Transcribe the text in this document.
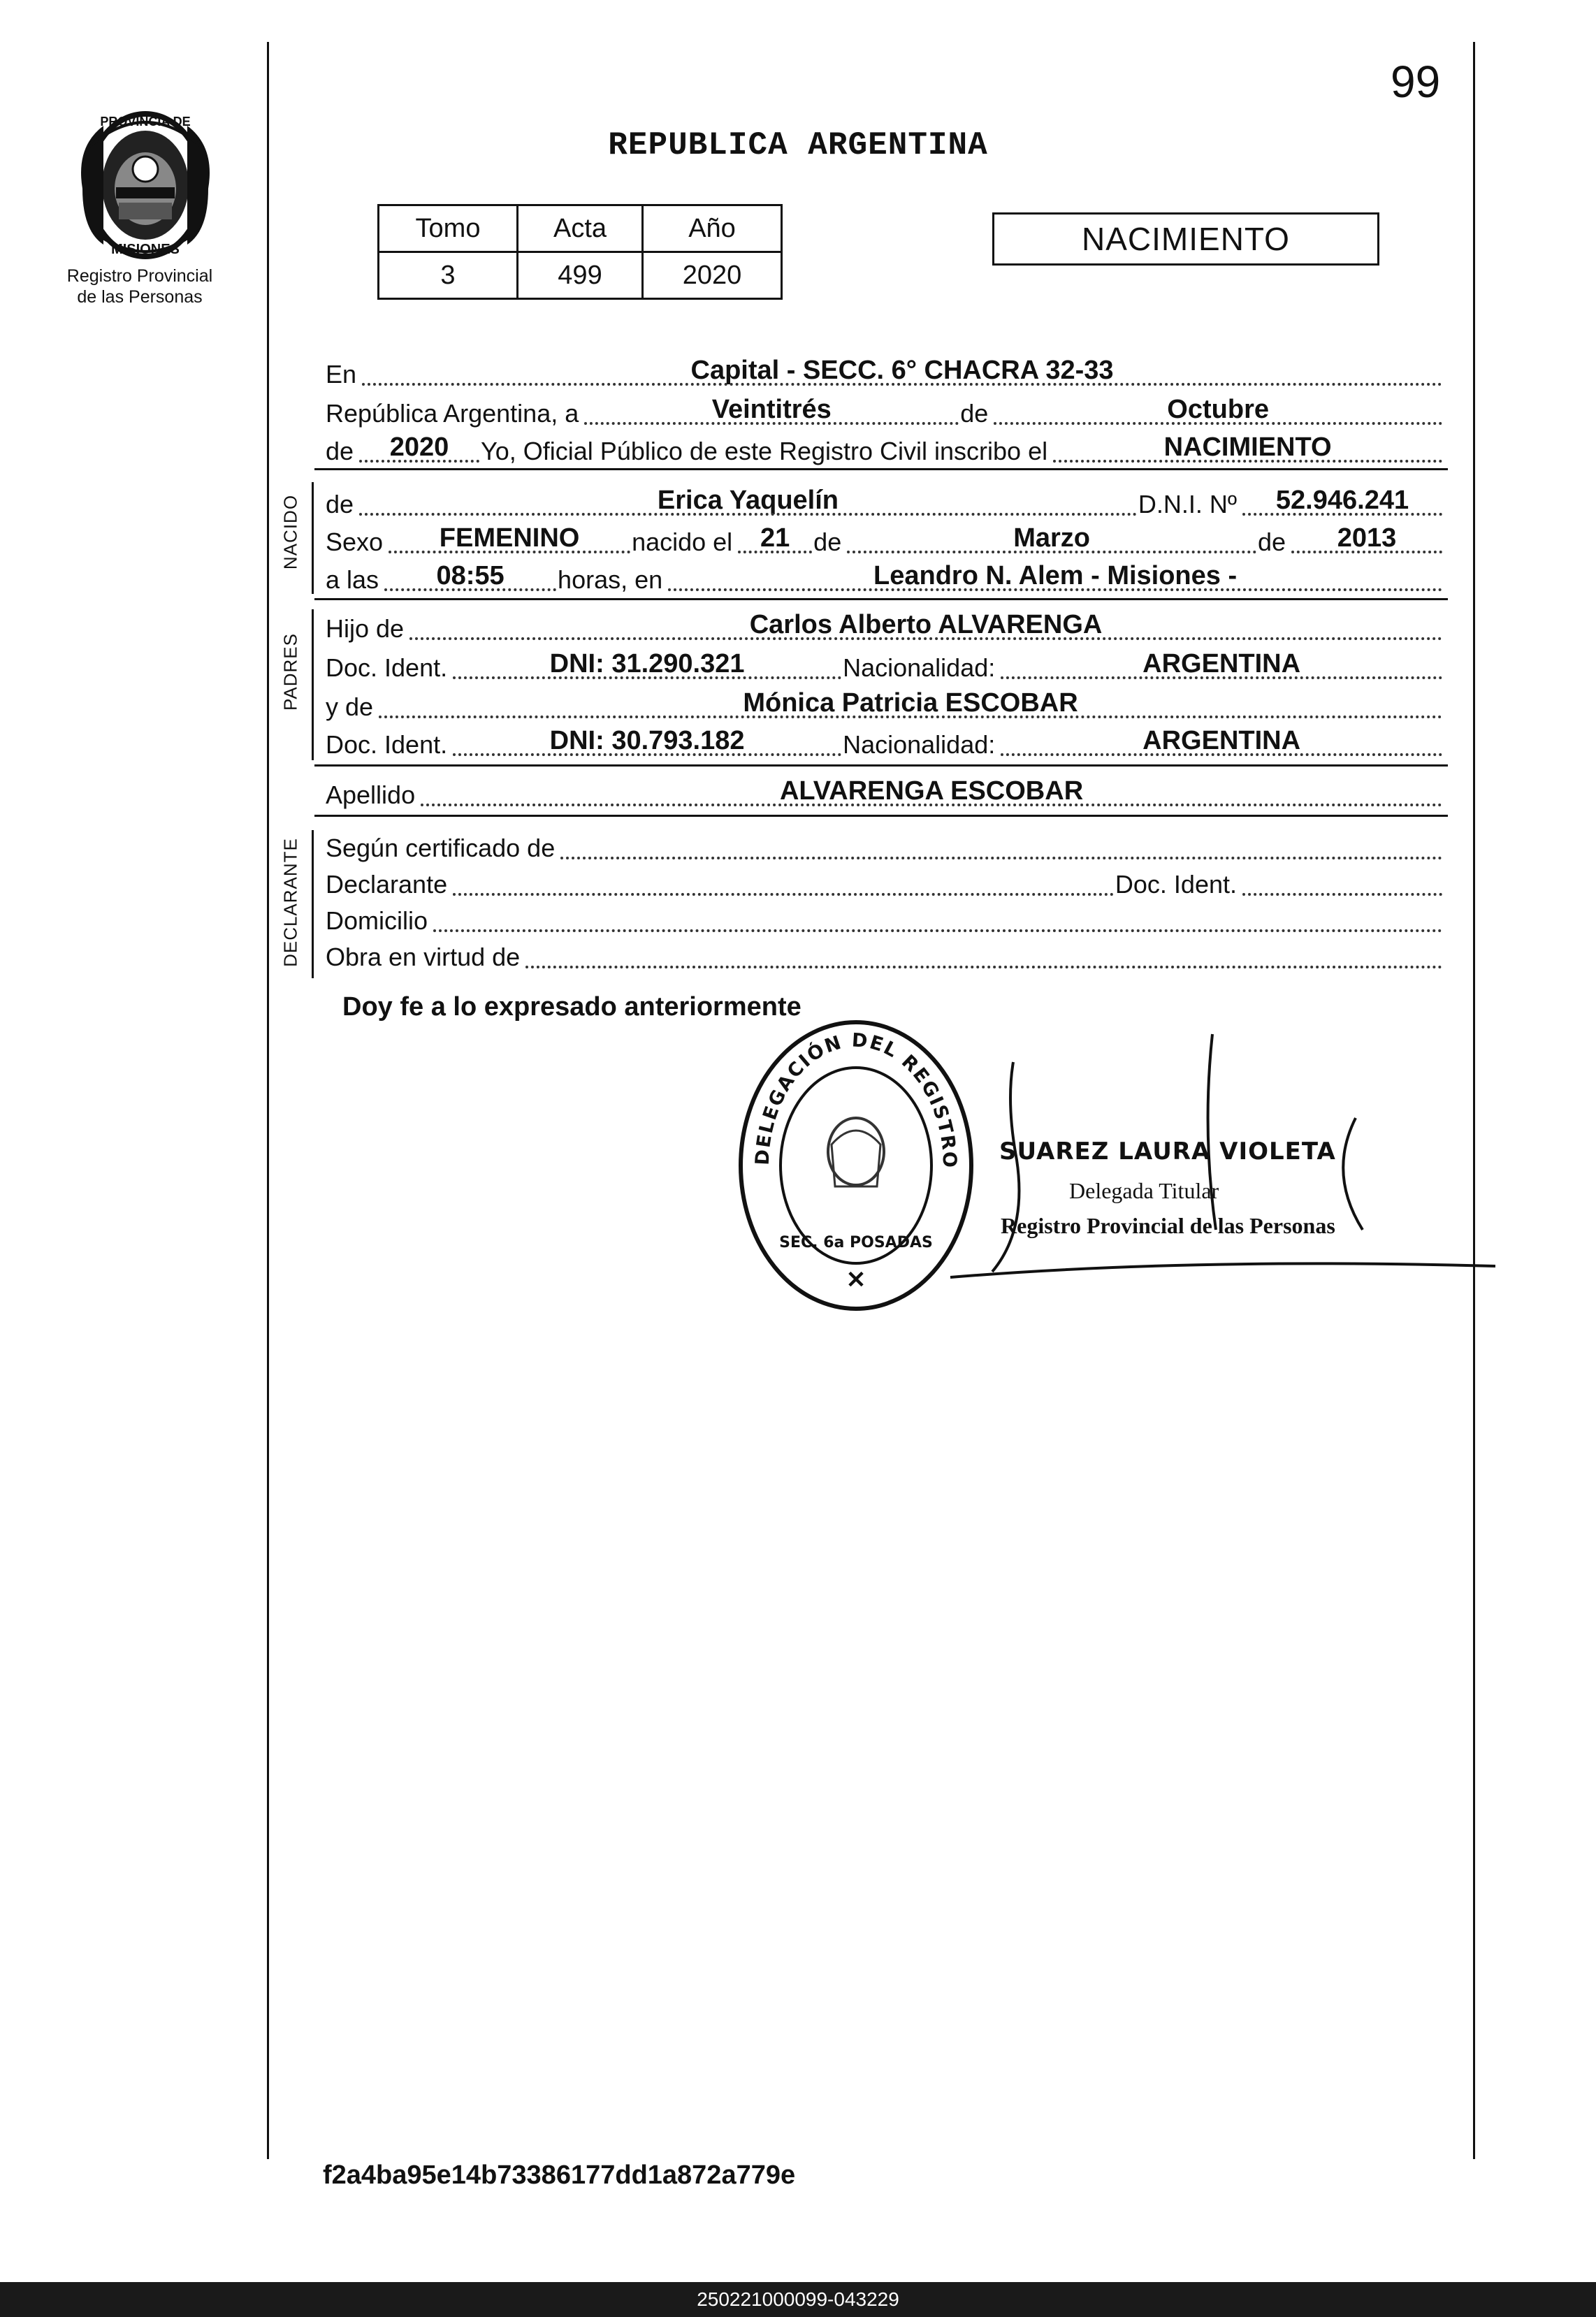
99
PROVINCIA DE
MISIONES
Registro Provincial
de las Personas
REPUBLICA ARGENTINA
Tomo	Acta	Año
3	499	2020
NACIMIENTO
En	Capital - SECC. 6° CHACRA 32-33
República Argentina, a	Veintitrés	de	Octubre
de	2020	Yo, Oficial Público de este Registro Civil inscribo el	NACIMIENTO
NACIDO de	Erica Yaquelín	D.N.I. Nº	52.946.241
Sexo	FEMENINO	nacido el	21 de	Marzo	de	2013
a las	08:55	horas, en	Leandro N. Alem - Misiones -
PADRES
Hijo de	Carlos Alberto ALVARENGA
Doc. Ident.	DNI: 31.290.321	Nacionalidad:	ARGENTINA
y de	Mónica Patricia ESCOBAR
Doc. Ident.	DNI: 30.793.182	Nacionalidad:	ARGENTINA
Apellido	ALVARENGA ESCOBAR
DECLARANTE Según certificado de
Declarante	Doc. Ident.
Domicilio
Obra en virtud de
Doy fe a lo expresado anteriormente
DELEGACIÓN DEL REGISTRO
✕
SEC. 6a POSADAS
SUAREZ LAURA VIOLETA
Delegada Titular
Registro Provincial de las Personas
f2a4ba95e14b73386177dd1a872a779e
250221000099-043229
